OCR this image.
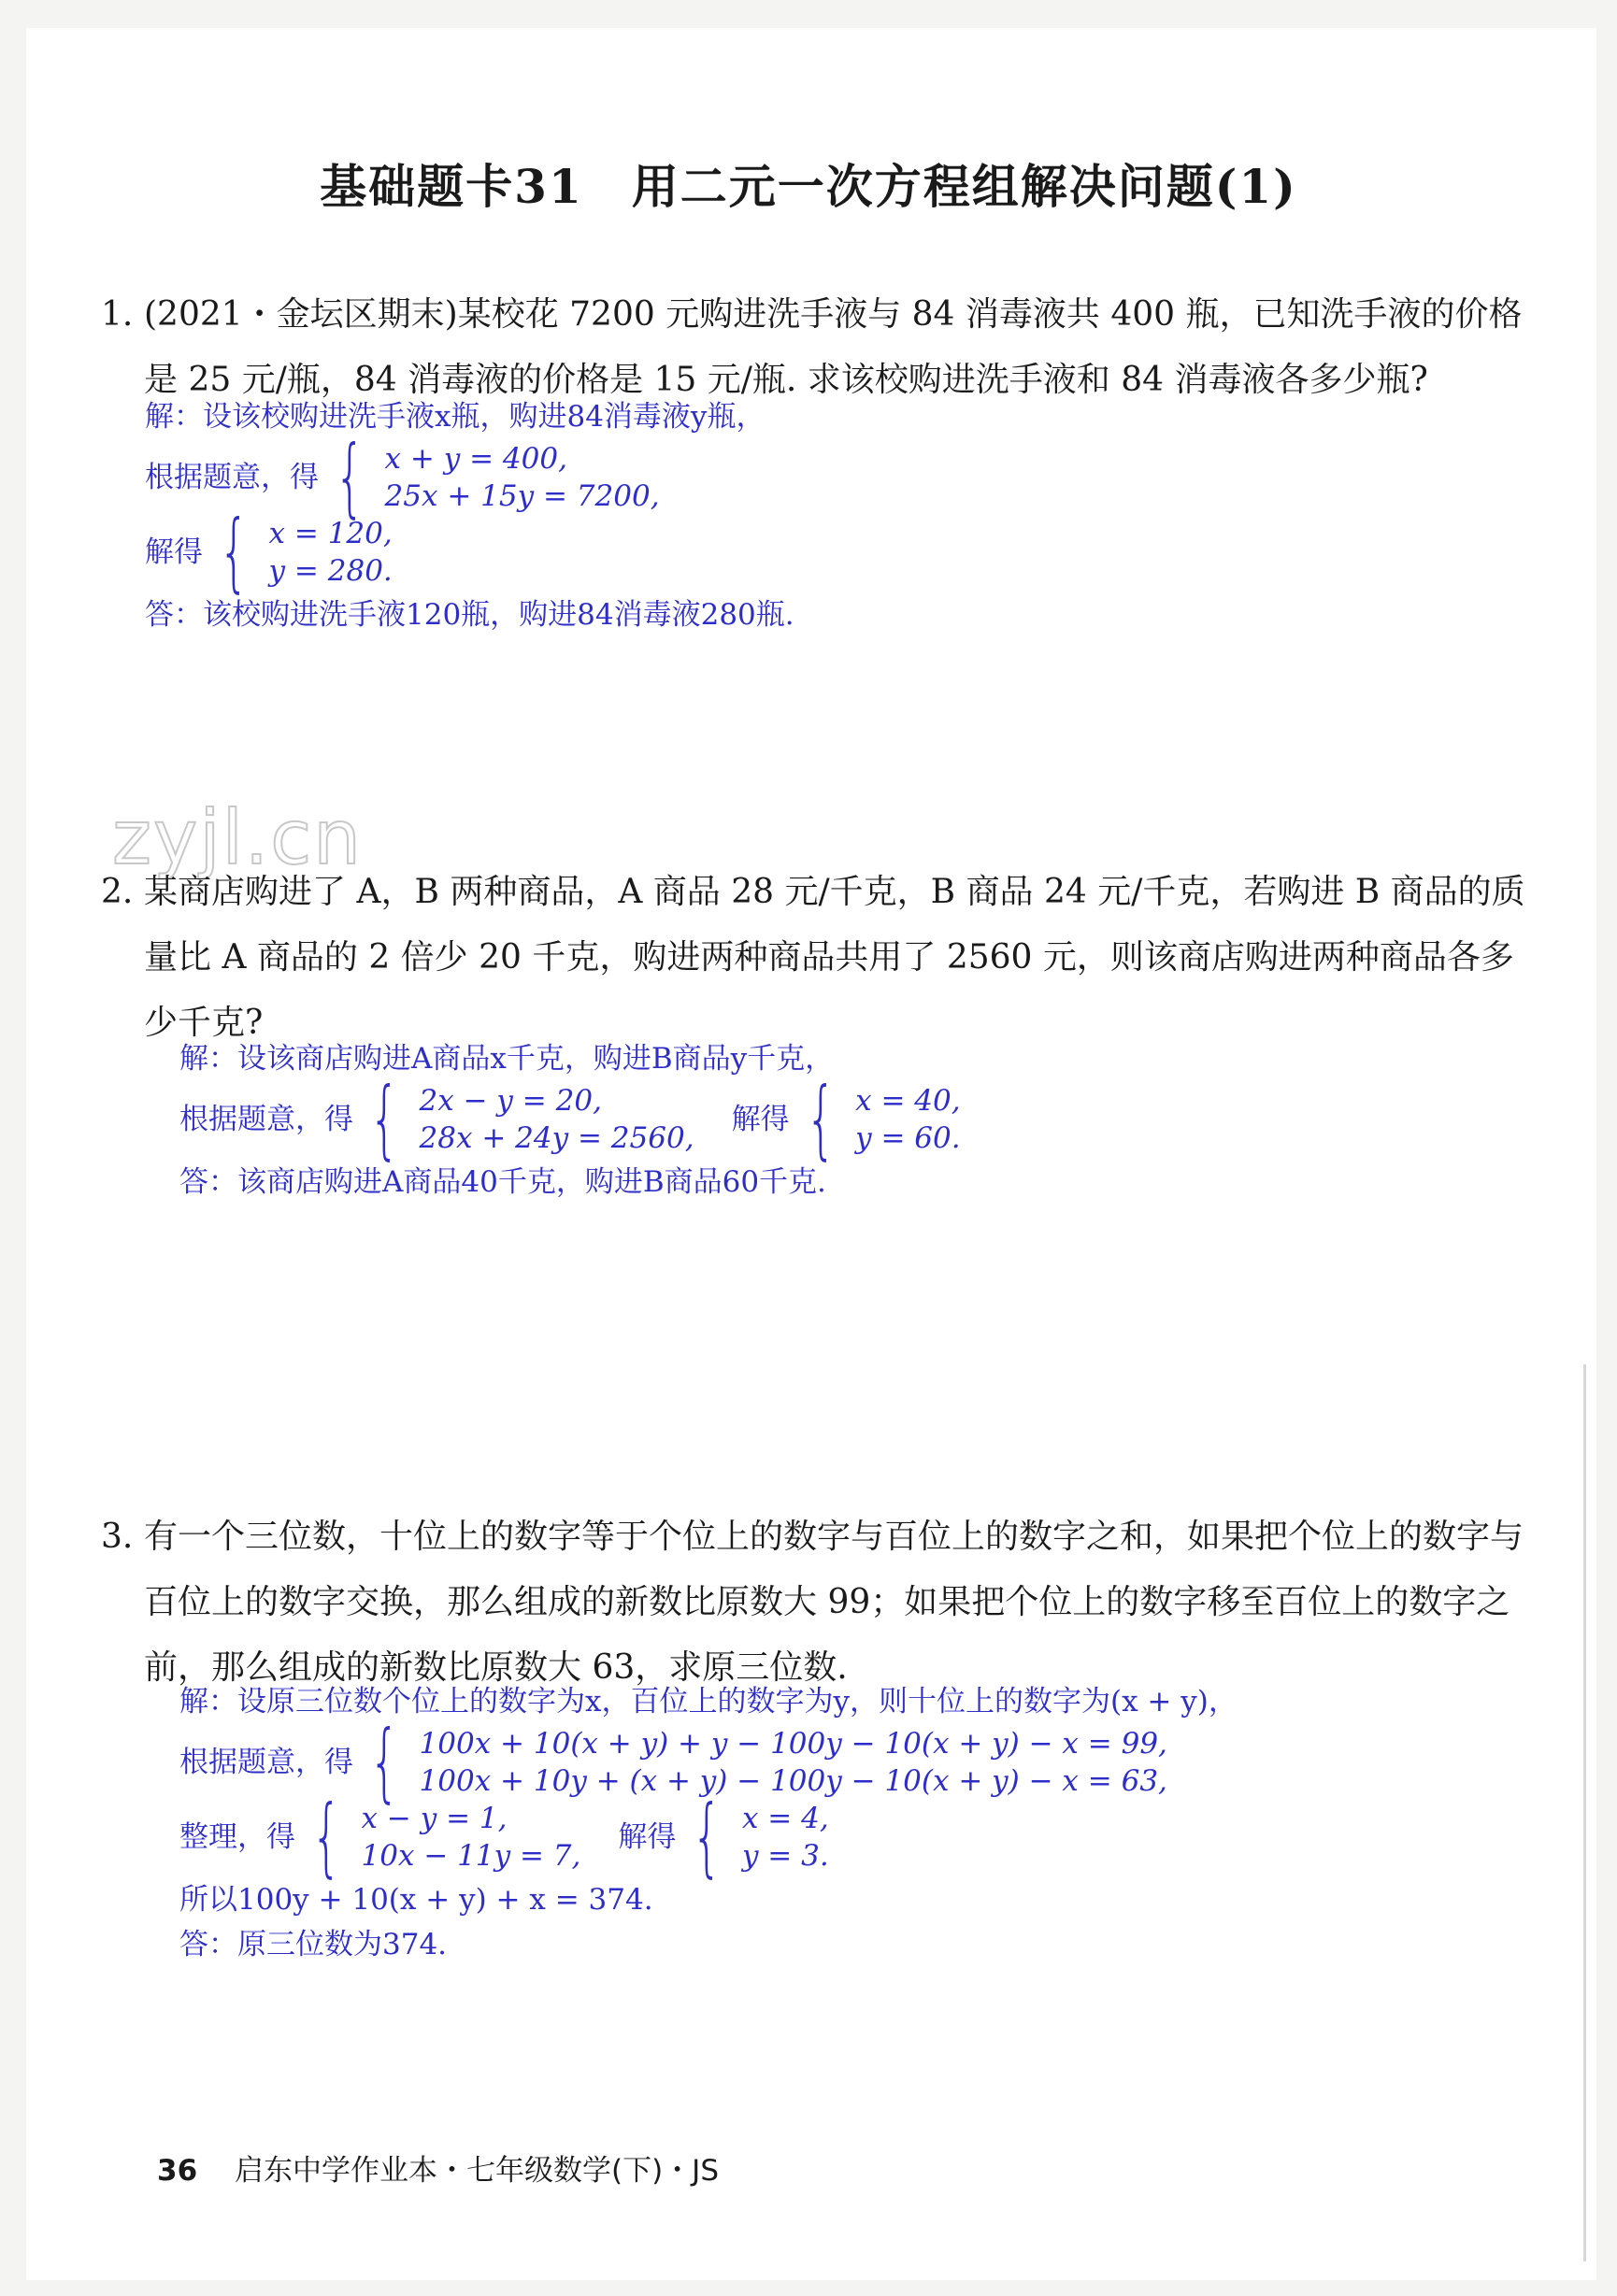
基础题卡31　用二元一次方程组解决问题(1)
1. (2021・金坛区期末)某校花 7200 元购进洗手液与 84 消毒液共 400 瓶，已知洗手液的价格是 25 元/瓶，84 消毒液的价格是 15 元/瓶. 求该校购进洗手液和 84 消毒液各多少瓶?
解：设该校购进洗手液x瓶，购进84消毒液y瓶，
根据题意，得 { x + y = 400,
25x + 15y = 7200,
解得 { x = 120,
y = 280.
答：该校购进洗手液120瓶，购进84消毒液280瓶.
zyjl.cn
2. 某商店购进了 A，B 两种商品，A 商品 28 元/千克，B 商品 24 元/千克，若购进 B 商品的质量比 A 商品的 2 倍少 20 千克，购进两种商品共用了 2560 元，则该商店购进两种商品各多少千克?
解：设该商店购进A商品x千克，购进B商品y千克，
根据题意，得 { 2x − y = 20,
28x + 24y = 2560,
解得 { x = 40,
y = 60.
答：该商店购进A商品40千克，购进B商品60千克.
3. 有一个三位数，十位上的数字等于个位上的数字与百位上的数字之和，如果把个位上的数字与百位上的数字交换，那么组成的新数比原数大 99；如果把个位上的数字移至百位上的数字之前，那么组成的新数比原数大 63，求原三位数.
解：设原三位数个位上的数字为x，百位上的数字为y，则十位上的数字为(x + y)，
根据题意，得 { 100x + 10(x + y) + y − 100y − 10(x + y) − x = 99,
100x + 10y + (x + y) − 100y − 10(x + y) − x = 63,
整理，得 { x − y = 1,
10x − 11y = 7,
解得 { x = 4,
y = 3.
所以100y + 10(x + y) + x = 374.
答：原三位数为374.
36 启东中学作业本・七年级数学(下)・JS
